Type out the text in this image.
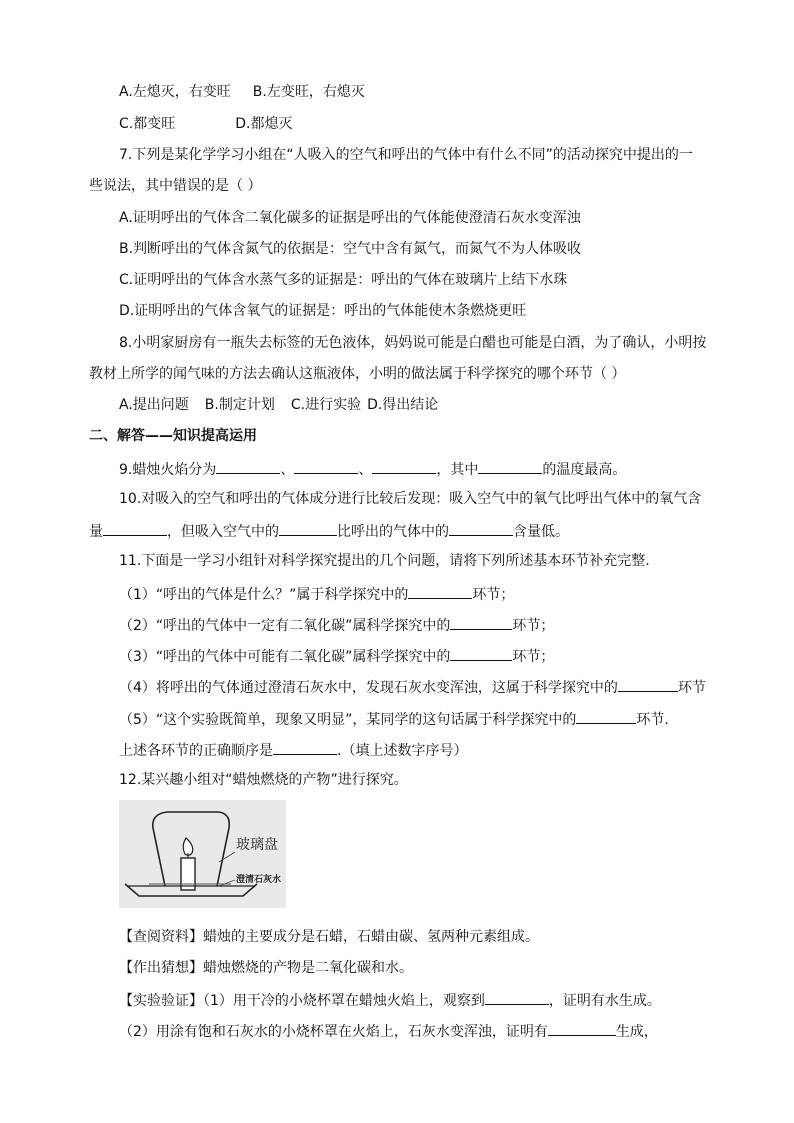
A.左熄灭，右变旺 B.左变旺，右熄灭
C.都变旺	D.都熄灭
7.下列是某化学学习小组在“人吸入的空气和呼出的气体中有什么不同”的活动探究中提出的一
些说法，其中错误的是（ ）
A.证明呼出的气体含二氧化碳多的证据是呼出的气体能使澄清石灰水变浑浊
B.判断呼出的气体含氮气的依据是：空气中含有氮气，而氮气不为人体吸收
C.证明呼出的气体含水蒸气多的证据是：呼出的气体在玻璃片上结下水珠
D.证明呼出的气体含氧气的证据是：呼出的气体能使木条燃烧更旺
8.小明家厨房有一瓶失去标签的无色液体，妈妈说可能是白醋也可能是白酒，为了确认，小明按
教材上所学的闻气味的方法去确认这瓶液体，小明的做法属于科学探究的哪个环节（ ）
A.提出问题 B.制定计划 C.进行实验 D.得出结论
二、解答——知识提高运用
9.蜡烛火焰分为	、	、	，其中	的温度最高。
10.对吸入的空气和呼出的气体成分进行比较后发现：吸入空气中的氧气比呼出气体中的氧气含
量	，但吸入空气中的	比呼出的气体中的	含量低。
11.下面是一学习小组针对科学探究提出的几个问题，请将下列所述基本环节补充完整.
（1）“呼出的气体是什么？”属于科学探究中的	环节；
（2）“呼出的气体中一定有二氧化碳”属科学探究中的	环节；
（3）“呼出的气体中可能有二氧化碳”属科学探究中的	环节；
（4）将呼出的气体通过澄清石灰水中，发现石灰水变浑浊，这属于科学探究中的	环节
（5）“这个实验既简单，现象又明显”，某同学的这句话属于科学探究中的	环节.
上述各环节的正确顺序是	.（填上述数字序号）
12.某兴趣小组对“蜡烛燃烧的产物”进行探究。
玻璃盘
澄清石灰水
【查阅资料】蜡烛的主要成分是石蜡，石蜡由碳、氢两种元素组成。
【作出猜想】蜡烛燃烧的产物是二氧化碳和水。
【实验验证】（1）用干冷的小烧杯罩在蜡烛火焰上，观察到	，证明有水生成。
（2）用涂有饱和石灰水的小烧杯罩在火焰上，石灰水变浑浊，证明有	生成，
